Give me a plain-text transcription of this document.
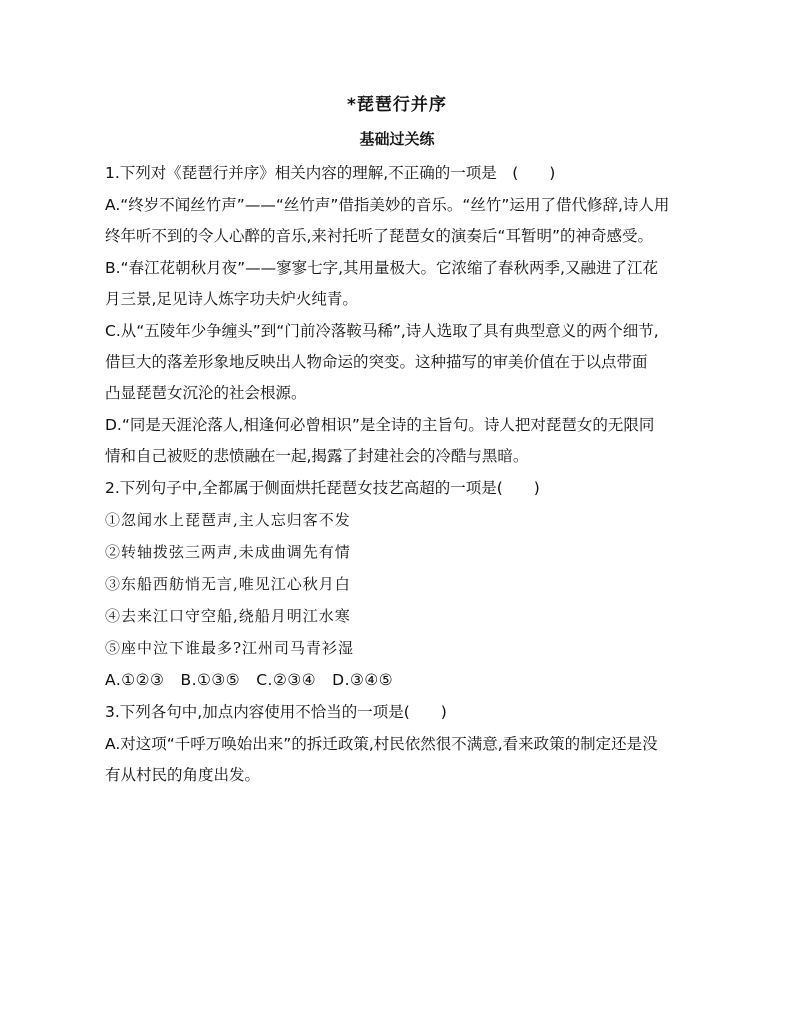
*琵琶行并序
基础过关练
1.下列对《琵琶行并序》相关内容的理解,不正确的一项是　(　　)
A.“终岁不闻丝竹声”——“丝竹声”借指美妙的音乐。“丝竹”运用了借代修辞,诗人用
终年听不到的令人心醉的音乐,来衬托听了琵琶女的演奏后“耳暂明”的神奇感受。
B.“春江花朝秋月夜”——寥寥七字,其用量极大。它浓缩了春秋两季,又融进了江花
月三景,足见诗人炼字功夫炉火纯青。
C.从“五陵年少争缠头”到“门前冷落鞍马稀”,诗人选取了具有典型意义的两个细节,
借巨大的落差形象地反映出人物命运的突变。这种描写的审美价值在于以点带面
凸显琵琶女沉沦的社会根源。
D.“同是天涯沦落人,相逢何必曾相识”是全诗的主旨句。诗人把对琵琶女的无限同
情和自己被贬的悲愤融在一起,揭露了封建社会的冷酷与黑暗。
2.下列句子中,全都属于侧面烘托琵琶女技艺高超的一项是(　　)
①忽闻水上琵琶声,主人忘归客不发
②转轴拨弦三两声,未成曲调先有情
③东船西舫悄无言,唯见江心秋月白
④去来江口守空船,绕船月明江水寒
⑤座中泣下谁最多?江州司马青衫湿
A.①②③　B.①③⑤　C.②③④　D.③④⑤
3.下列各句中,加点内容使用不恰当的一项是(　　)
A.对这项“千呼万唤始出来”的拆迁政策,村民依然很不满意,看来政策的制定还是没
有从村民的角度出发。
